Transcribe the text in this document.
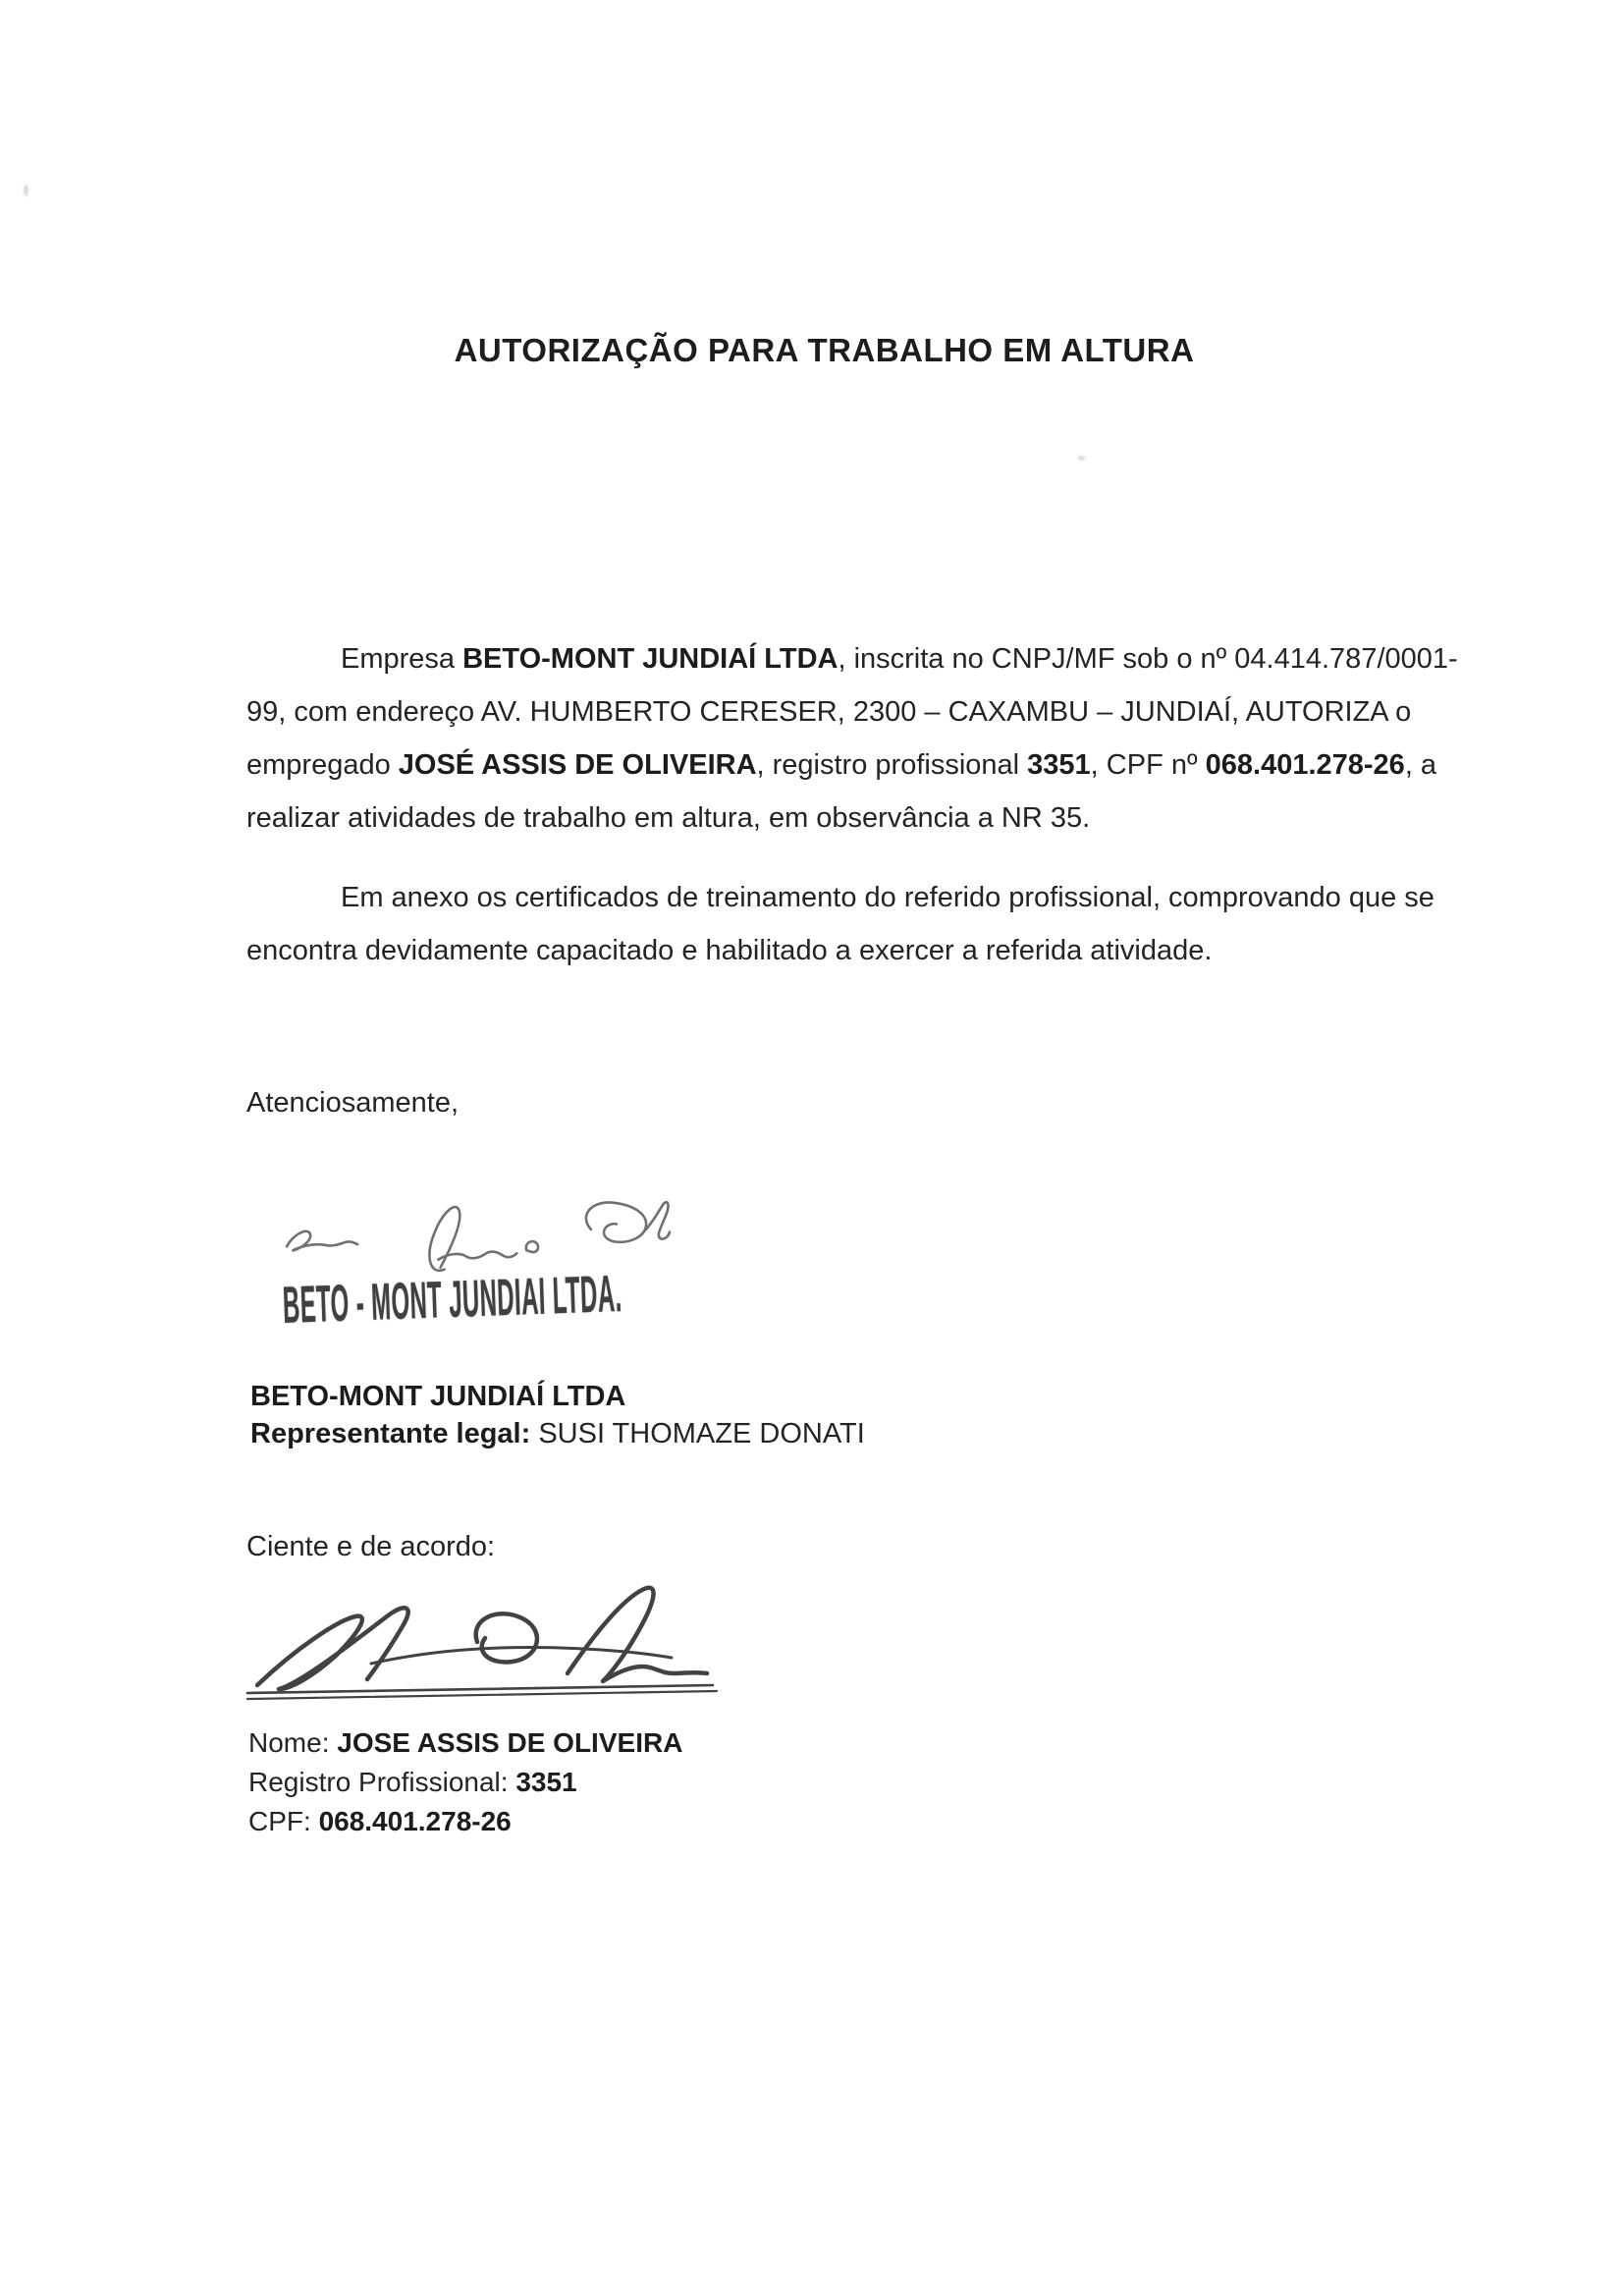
AUTORIZAÇÃO PARA TRABALHO EM ALTURA
Empresa BETO-MONT JUNDIAÍ LTDA, inscrita no CNPJ/MF sob o nº 04.414.787/0001-
99, com endereço AV. HUMBERTO CERESER, 2300 – CAXAMBU – JUNDIAÍ, AUTORIZA o
empregado JOSÉ ASSIS DE OLIVEIRA, registro profissional 3351, CPF nº 068.401.278-26, a
realizar atividades de trabalho em altura, em observância a NR 35.
Em anexo os certificados de treinamento do referido profissional, comprovando que se
encontra devidamente capacitado e habilitado a exercer a referida atividade.
Atenciosamente,
BETO - MONT JUNDIAI LTDA.
BETO-MONT JUNDIAÍ LTDA
Representante legal: SUSI THOMAZE DONATI
Ciente e de acordo:
Nome: JOSE ASSIS DE OLIVEIRA
Registro Profissional: 3351
CPF: 068.401.278-26
